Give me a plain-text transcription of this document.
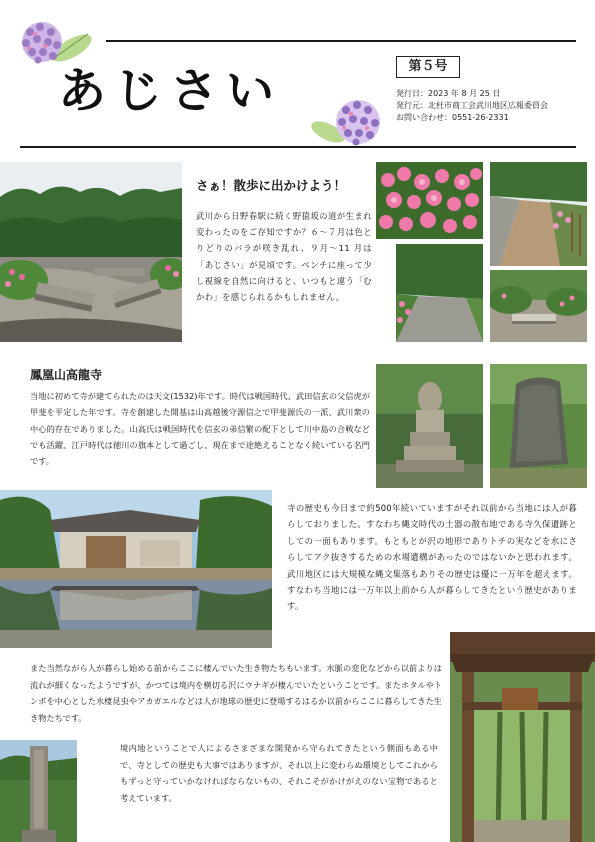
あじさい	第５号
発行日：2023 年 8 月 25 日
発行元：北杜市商工会武川地区広報委員会
お問い合わせ：0551-26-2331
さぁ！散歩に出かけよう！
武川から日野春駅に続く野猿坂の道が生まれ変わったのをご存知ですか？６～７月は色とりどりのバラが咲き乱れ、９月～11 月は「あじさい」が見頃です。ベンチに座って少し視線を自然に向けると、いつもと違う「むかわ」を感じられるかもしれません。
鳳凰山高龍寺
当地に初めて寺が建てられたのは天文(1532)年です。時代は戦国時代、武田信玄の父信虎が甲斐を平定した年です。寺を創建した開基は山高越後守源信之で甲斐源氏の一派、武川衆の中心的存在でありました。山高氏は戦国時代を信玄の弟信繁の配下として川中島の合戦などでも活躍、江戸時代は徳川の旗本として過ごし、現在まで途絶えることなく続いている名門です。
寺の歴史も今日まで約500年続いていますがそれ以前から当地には人が暮らしておりました。すなわち縄文時代の土器の散布地である寺久保遺跡としての一面もあります。もともとが沢の地形でありトチの実などを水にさらしてアク抜きするための水場遺構があったのではないかと思われます。武川地区には大規模な縄文集落もありその歴史は優に一万年を超えます。すなわち当地には一万年以上前から人が暮らしてきたという歴史があります。
また当然ながら人が暮らし始める前からここに棲んでいた生き物たちもいます。水脈の変化などから以前よりは流れが細くなったようですが、かつては境内を横切る沢にウナギが棲んでいたということです。またホタルやトンボを中心とした水棲昆虫やアカガエルなどは人が地球の歴史に登場するはるか以前からここに暮らしてきた生き物たちです。
境内地ということで人によるさまざまな開発から守られてきたという側面もある中で、寺としての歴史も大事ではありますが、それ以上に変わらぬ環境としてこれからもずっと守っていかなければならないもの、それこそがかけがえのない宝物であると考えています。
